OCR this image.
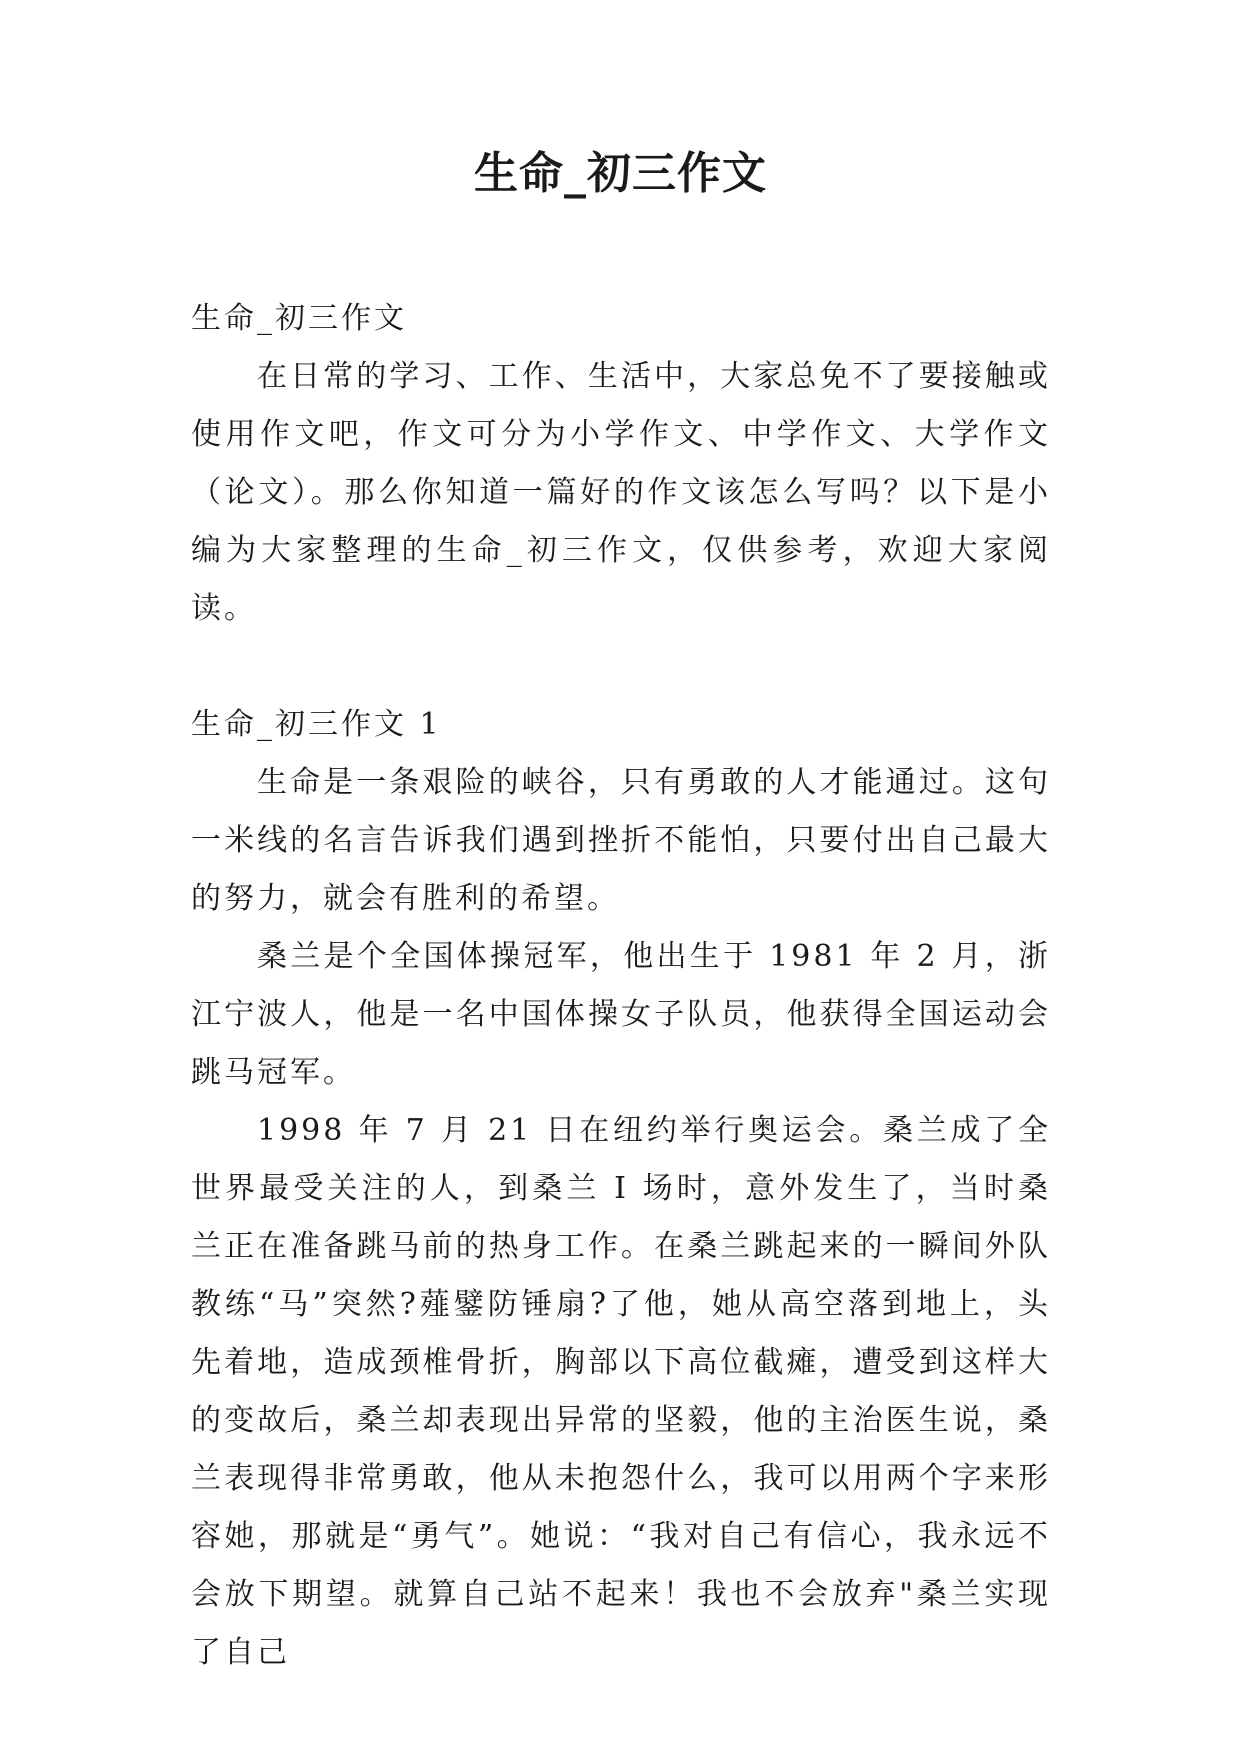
生命_初三作文

生命_初三作文

在日常的学习、工作、生活中，大家总免不了要接触或使用作文吧，作文可分为小学作文、中学作文、大学作文（论文）。那么你知道一篇好的作文该怎么写吗？以下是小编为大家整理的生命_初三作文，仅供参考，欢迎大家阅读。

生命_初三作文 1

生命是一条艰险的峡谷，只有勇敢的人才能通过。这句一米线的名言告诉我们遇到挫折不能怕，只要付出自己最大的努力，就会有胜利的希望。

桑兰是个全国体操冠军，他出生于 1981 年 2 月，浙江宁波人，他是一名中国体操女子队员，他获得全国运动会跳马冠军。

1998 年 7 月 21 日在纽约举行奥运会。桑兰成了全世界最受关注的人，到桑兰 I 场时，意外发生了，当时桑兰正在准备跳马前的热身工作。在桑兰跳起来的一瞬间外队教练“马”突然?薤鐾防锤扇?了他，她从高空落到地上，头先着地，造成颈椎骨折，胸部以下高位截瘫，遭受到这样大的变故后，桑兰却表现出异常的坚毅，他的主治医生说，桑兰表现得非常勇敢，他从未抱怨什么，我可以用两个字来形容她，那就是“勇气”。她说：“我对自己有信心，我永远不会放下期望。就算自己站不起来！我也不会放弃"桑兰实现了自己
